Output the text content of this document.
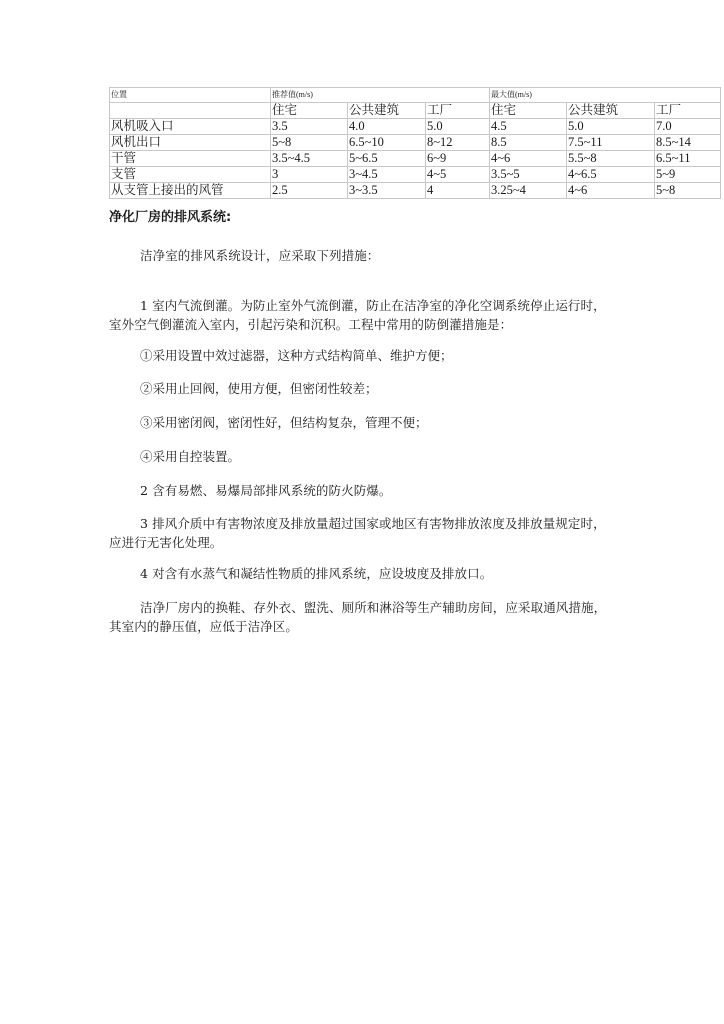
位置	推荐值(m/s)			最大值(m/s)		
	住宅	公共建筑	工厂	住宅	公共建筑	工厂
风机吸入口	3.5	4.0	5.0	4.5	5.0	7.0
风机出口	5~8	6.5~10	8~12	8.5	7.5~11	8.5~14
干管	3.5~4.5	5~6.5	6~9	4~6	5.5~8	6.5~11
支管	3	3~4.5	4~5	3.5~5	4~6.5	5~9
从支管上接出的风管	2.5	3~3.5	4	3.25~4	4~6	5~8
净化厂房的排风系统:

洁净室的排风系统设计，应采取下列措施：

1 室内气流倒灌。为防止室外气流倒灌，防止在洁净室的净化空调系统停止运行时，室外空气倒灌流入室内，引起污染和沉积。工程中常用的防倒灌措施是：

①采用设置中效过滤器，这种方式结构简单、维护方便；

②采用止回阀，使用方便，但密闭性较差；

③采用密闭阀，密闭性好，但结构复杂，管理不便；

④采用自控装置。

2 含有易燃、易爆局部排风系统的防火防爆。

3 排风介质中有害物浓度及排放量超过国家或地区有害物排放浓度及排放量规定时，应进行无害化处理。

4 对含有水蒸气和凝结性物质的排风系统，应设坡度及排放口。

洁净厂房内的换鞋、存外衣、盥洗、厕所和淋浴等生产辅助房间，应采取通风措施，其室内的静压值，应低于洁净区。
